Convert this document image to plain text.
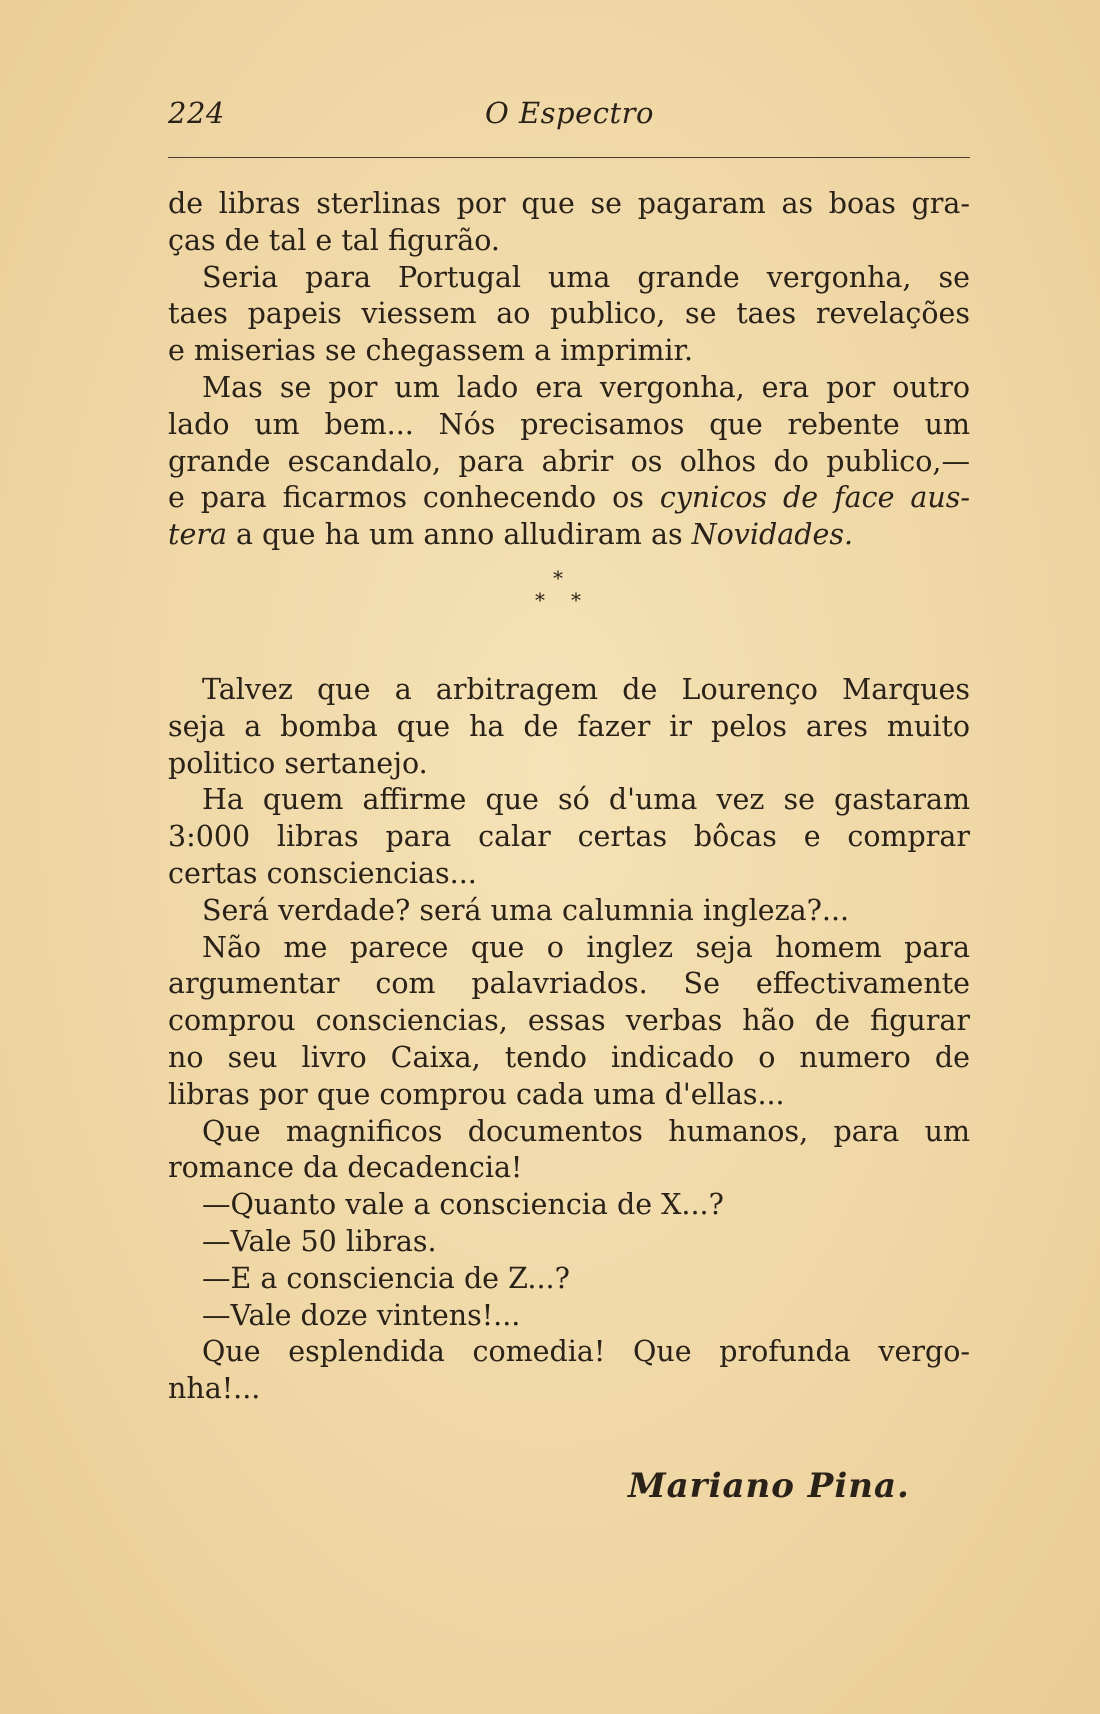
224	O Espectro
de libras sterlinas por que se pagaram as boas gra-
ças de tal e tal figurão.
Seria para Portugal uma grande vergonha, se
taes papeis viessem ao publico, se taes revelações
e miserias se chegassem a imprimir.
Mas se por um lado era vergonha, era por outro
lado um bem... Nós precisamos que rebente um
grande escandalo, para abrir os olhos do publico,—
e para ficarmos conhecendo os cynicos de face aus-
tera a que ha um anno alludiram as Novidades.
*
* *
Talvez que a arbitragem de Lourenço Marques
seja a bomba que ha de fazer ir pelos ares muito
politico sertanejo.
Ha quem affirme que só d'uma vez se gastaram
3:000 libras para calar certas bôcas e comprar
certas consciencias...
Será verdade? será uma calumnia ingleza?...
Não me parece que o inglez seja homem para
argumentar com palavriados. Se effectivamente
comprou consciencias, essas verbas hão de figurar
no seu livro Caixa, tendo indicado o numero de
libras por que comprou cada uma d'ellas...
Que magnificos documentos humanos, para um
romance da decadencia!
—Quanto vale a consciencia de X...?
—Vale 50 libras.
—E a consciencia de Z...?
—Vale doze vintens!...
Que esplendida comedia! Que profunda vergo-
nha!...
Mariano Pina.
